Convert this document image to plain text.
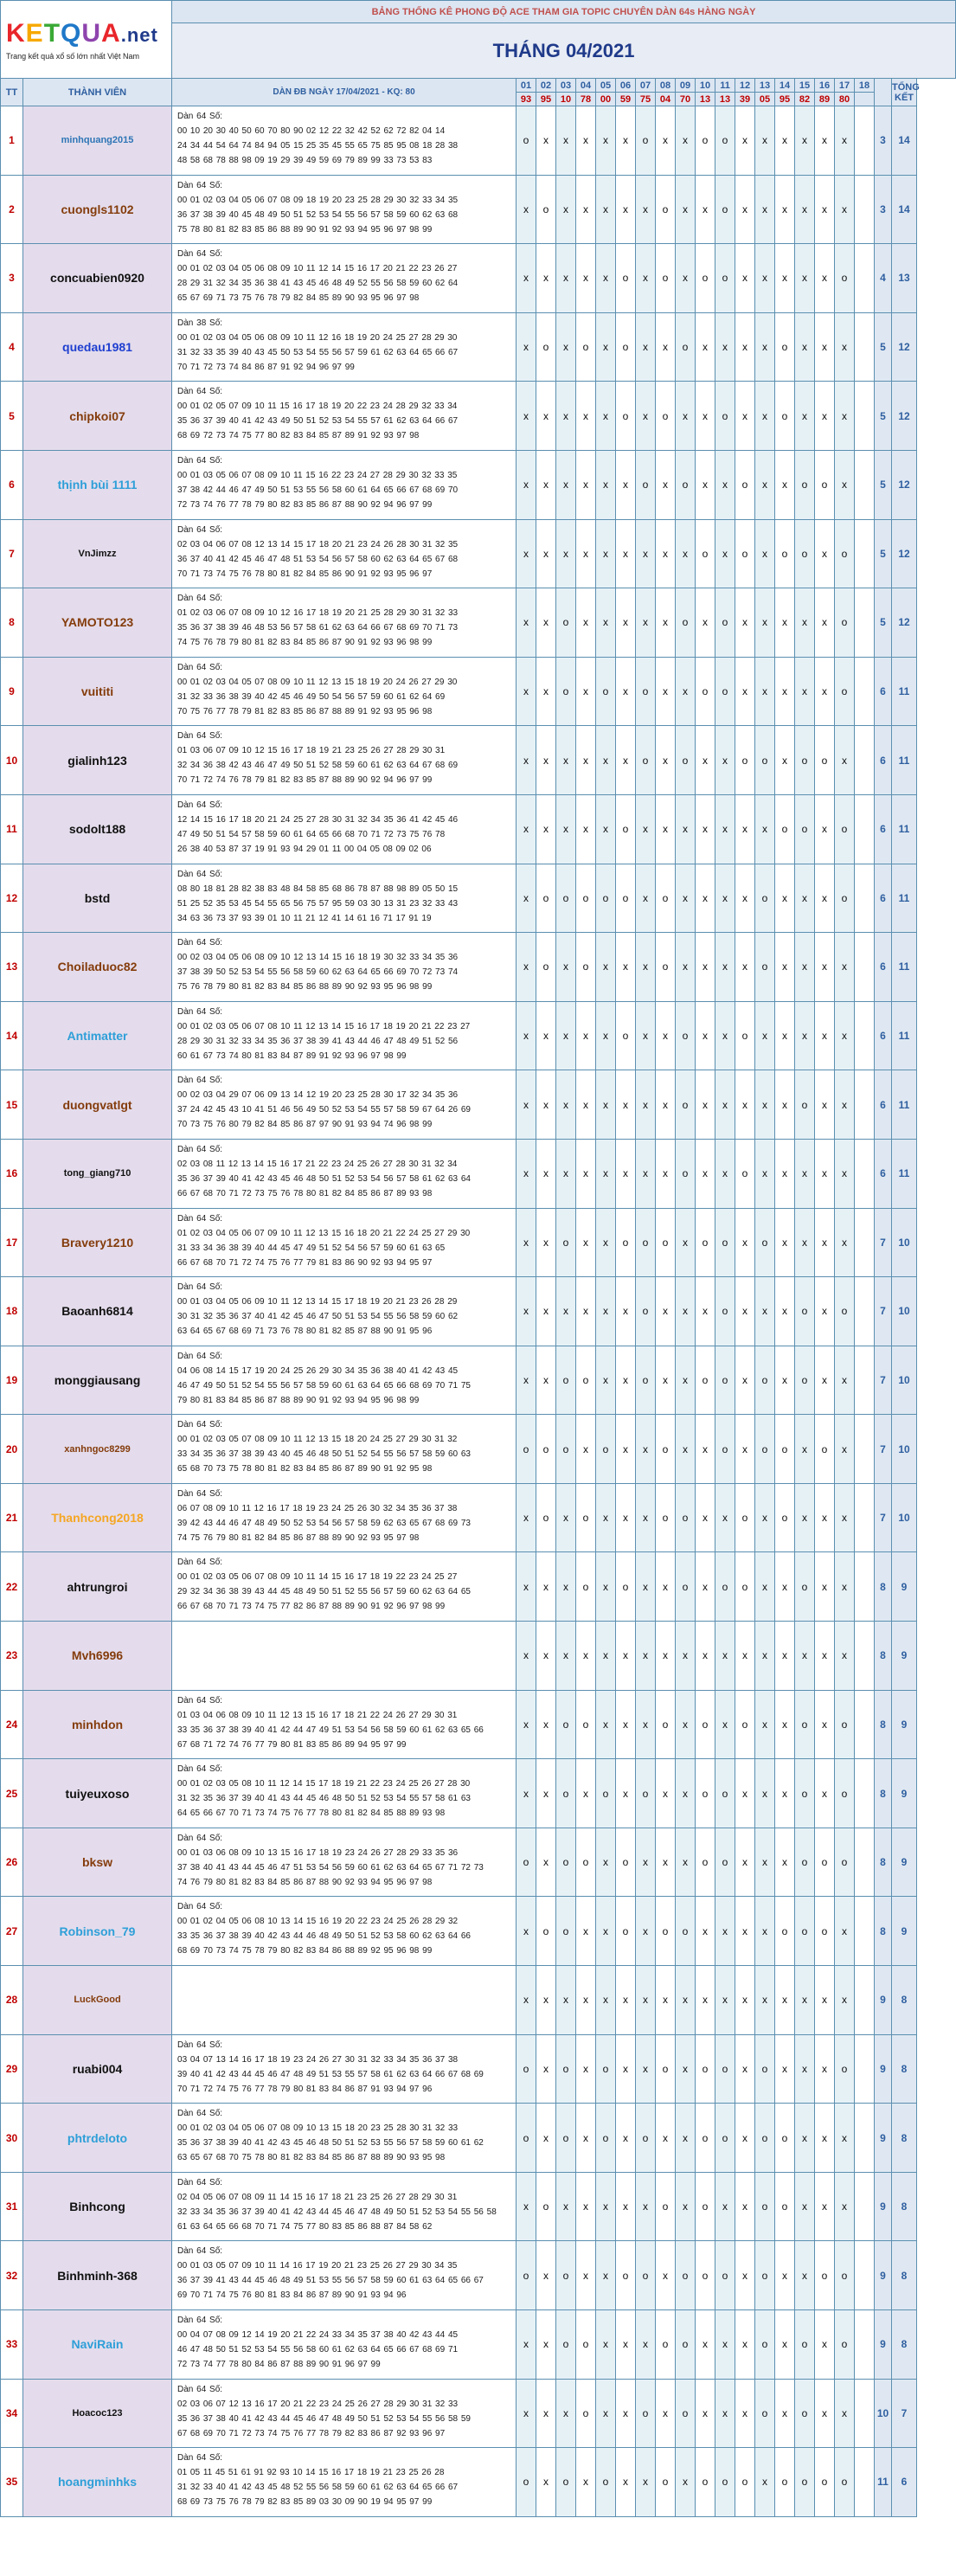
KETQUA.net
Trang kết quả xổ số lớn nhất Việt Nam		BẢNG THỐNG KÊ PHONG ĐỘ ACE THAM GIA TOPIC CHUYÊN DÀN 64s HÀNG NGÀY																				
		THÁNG 04/2021																				
TT	THÀNH VIÊN	DÀN ĐB NGÀY 17/04/2021 - KQ: 80	01	02	03	04	05	06	07	08	09	10	11	12	13	14	15	16	17	18		TỔNG KẾT
			93	95	10	78	00	59	75	04	70	13	13	39	05	95	82	89	80			
1	minhquang2015	Dàn 64 Số:
00 10 20 30 40 50 60 70 80 90 02 12 22 32 42 52 62 72 82 04 14
24 34 44 54 64 74 84 94 05 15 25 35 45 55 65 75 85 95 08 18 28 38
48 58 68 78 88 98 09 19 29 39 49 59 69 79 89 99 33 73 53 83	o	x	x	x	x	x	o	x	x	o	o	x	x	x	x	x	x		3	14
2	cuongls1102	Dàn 64 Số:
00 01 02 03 04 05 06 07 08 09 18 19 20 23 25 28 29 30 32 33 34 35
36 37 38 39 40 45 48 49 50 51 52 53 54 55 56 57 58 59 60 62 63 68
75 78 80 81 82 83 85 86 88 89 90 91 92 93 94 95 96 97 98 99	x	o	x	x	x	x	x	o	x	x	o	x	x	x	x	x	x		3	14
3	concuabien0920	Dàn 64 Số:
00 01 02 03 04 05 06 08 09 10 11 12 14 15 16 17 20 21 22 23 26 27
28 29 31 32 34 35 36 38 41 43 45 46 48 49 52 55 56 58 59 60 62 64
65 67 69 71 73 75 76 78 79 82 84 85 89 90 93 95 96 97 98	x	x	x	x	x	o	x	o	x	o	o	x	x	x	x	x	o		4	13
4	quedau1981	Dàn 38 Số:
00 01 02 03 04 05 06 08 09 10 11 12 16 18 19 20 24 25 27 28 29 30
31 32 33 35 39 40 43 45 50 53 54 55 56 57 59 61 62 63 64 65 66 67
70 71 72 73 74 84 86 87 91 92 94 96 97 99	x	o	x	o	x	o	x	x	o	x	x	x	x	o	x	x	x		5	12
5	chipkoi07	Dàn 64 Số:
00 01 02 05 07 09 10 11 15 16 17 18 19 20 22 23 24 28 29 32 33 34
35 36 37 39 40 41 42 43 49 50 51 52 53 54 55 57 61 62 63 64 66 67
68 69 72 73 74 75 77 80 82 83 84 85 87 89 91 92 93 97 98	x	x	x	x	x	o	x	o	x	x	o	x	x	o	x	x	x		5	12
6	thịnh bùi 1111	Dàn 64 Số:
00 01 03 05 06 07 08 09 10 11 15 16 22 23 24 27 28 29 30 32 33 35
37 38 42 44 46 47 49 50 51 53 55 56 58 60 61 64 65 66 67 68 69 70
72 73 74 76 77 78 79 80 82 83 85 86 87 88 90 92 94 96 97 99	x	x	x	x	x	x	o	x	o	x	x	o	x	x	o	o	x		5	12
7	VnJimzz	Dàn 64 Số:
02 03 04 06 07 08 12 13 14 15 17 18 20 21 23 24 26 28 30 31 32 35
36 37 40 41 42 45 46 47 48 51 53 54 56 57 58 60 62 63 64 65 67 68
70 71 73 74 75 76 78 80 81 82 84 85 86 90 91 92 93 95 96 97	x	x	x	x	x	x	x	x	x	o	x	o	x	o	o	x	o		5	12
8	YAMOTO123	Dàn 64 Số:
01 02 03 06 07 08 09 10 12 16 17 18 19 20 21 25 28 29 30 31 32 33
35 36 37 38 39 46 48 53 56 57 58 61 62 63 64 66 67 68 69 70 71 73
74 75 76 78 79 80 81 82 83 84 85 86 87 90 91 92 93 96 98 99	x	x	o	x	x	x	x	x	o	x	o	x	x	x	x	x	o		5	12
9	vuititi	Dàn 64 Số:
00 01 02 03 04 05 07 08 09 10 11 12 13 15 18 19 20 24 26 27 29 30
31 32 33 36 38 39 40 42 45 46 49 50 54 56 57 59 60 61 62 64 69
70 75 76 77 78 79 81 82 83 85 86 87 88 89 91 92 93 95 96 98	x	x	o	x	o	x	o	x	x	o	o	x	x	x	x	x	o		6	11
10	gialinh123	Dàn 64 Số:
01 03 06 07 09 10 12 15 16 17 18 19 21 23 25 26 27 28 29 30 31
32 34 36 38 42 43 46 47 49 50 51 52 58 59 60 61 62 63 64 67 68 69
70 71 72 74 76 78 79 81 82 83 85 87 88 89 90 92 94 96 97 99	x	x	x	x	x	x	o	x	o	x	x	o	o	x	o	o	x		6	11
11	sodolt188	Dàn 64 Số:
12 14 15 16 17 18 20 21 24 25 27 28 30 31 32 34 35 36 41 42 45 46
47 49 50 51 54 57 58 59 60 61 64 65 66 68 70 71 72 73 75 76 78
26 38 40 53 87 37 19 91 93 94 29 01 11 00 04 05 08 09 02 06	x	x	x	x	x	o	x	x	x	x	x	x	x	o	o	x	o		6	11
12	bstd	Dàn 64 Số:
08 80 18 81 28 82 38 83 48 84 58 85 68 86 78 87 88 98 89 05 50 15
51 25 52 35 53 45 54 55 65 56 75 57 95 59 03 30 13 31 23 32 33 43
34 63 36 73 37 93 39 01 10 11 21 12 41 14 61 16 71 17 91 19	x	o	o	o	o	o	x	o	x	x	x	x	o	x	x	x	o		6	11
13	Choiladuoc82	Dàn 64 Số:
00 02 03 04 05 06 08 09 10 12 13 14 15 16 18 19 30 32 33 34 35 36
37 38 39 50 52 53 54 55 56 58 59 60 62 63 64 65 66 69 70 72 73 74
75 76 78 79 80 81 82 83 84 85 86 88 89 90 92 93 95 96 98 99	x	o	x	o	x	x	x	o	x	x	x	x	o	x	x	x	x		6	11
14	Antimatter	Dàn 64 Số:
00 01 02 03 05 06 07 08 10 11 12 13 14 15 16 17 18 19 20 21 22 23 27
28 29 30 31 32 33 34 35 36 37 38 39 41 43 44 46 47 48 49 51 52 56
60 61 67 73 74 80 81 83 84 87 89 91 92 93 96 97 98 99	x	x	x	x	x	o	x	x	o	x	x	o	x	x	x	x	x		6	11
15	duongvatlgt	Dàn 64 Số:
00 02 03 04 29 07 06 09 13 14 12 19 20 23 25 28 30 17 32 34 35 36
37 24 42 45 43 10 41 51 46 56 49 50 52 53 54 55 57 58 59 67 64 26 69
70 73 75 76 80 79 82 84 85 86 87 97 90 91 93 94 74 96 98 99	x	x	x	x	x	x	x	x	o	x	x	x	x	x	o	x	x		6	11
16	tong_giang710	Dàn 64 Số:
02 03 08 11 12 13 14 15 16 17 21 22 23 24 25 26 27 28 30 31 32 34
35 36 37 39 40 41 42 43 45 46 48 50 51 52 53 54 56 57 58 61 62 63 64
66 67 68 70 71 72 73 75 76 78 80 81 82 84 85 86 87 89 93 98	x	x	x	x	x	x	x	x	o	x	x	o	x	x	x	x	x		6	11
17	Bravery1210	Dàn 64 Số:
01 02 03 04 05 06 07 09 10 11 12 13 15 16 18 20 21 22 24 25 27 29 30
31 33 34 36 38 39 40 44 45 47 49 51 52 54 56 57 59 60 61 63 65
66 67 68 70 71 72 74 75 76 77 79 81 83 86 90 92 93 94 95 97	x	x	o	x	x	o	o	o	x	o	o	x	o	x	x	x	x		7	10
18	Baoanh6814	Dàn 64 Số:
00 01 03 04 05 06 09 10 11 12 13 14 15 17 18 19 20 21 23 26 28 29
30 31 32 35 36 37 40 41 42 45 46 47 50 51 53 54 55 56 58 59 60 62
63 64 65 67 68 69 71 73 76 78 80 81 82 85 87 88 90 91 95 96	x	x	x	x	x	x	o	x	x	x	o	x	x	x	o	x	o		7	10
19	monggiausang	Dàn 64 Số:
04 06 08 14 15 17 19 20 24 25 26 29 30 34 35 36 38 40 41 42 43 45
46 47 49 50 51 52 54 55 56 57 58 59 60 61 63 64 65 66 68 69 70 71 75
79 80 81 83 84 85 86 87 88 89 90 91 92 93 94 95 96 98 99	x	x	o	o	x	x	o	x	x	o	o	x	o	x	o	x	x		7	10
20	xanhngoc8299	Dàn 64 Số:
00 01 02 03 05 07 08 09 10 11 12 13 15 18 20 24 25 27 29 30 31 32
33 34 35 36 37 38 39 43 40 45 46 48 50 51 52 54 55 56 57 58 59 60 63
65 68 70 73 75 78 80 81 82 83 84 85 86 87 89 90 91 92 95 98	o	o	o	x	o	x	x	o	x	x	o	x	o	o	x	o	x		7	10
21	Thanhcong2018	Dàn 64 Số:
06 07 08 09 10 11 12 16 17 18 19 23 24 25 26 30 32 34 35 36 37 38
39 42 43 44 46 47 48 49 50 52 53 54 56 57 58 59 62 63 65 67 68 69 73
74 75 76 79 80 81 82 84 85 86 87 88 89 90 92 93 95 97 98	x	o	x	o	x	x	x	o	o	x	x	o	x	o	x	x	x		7	10
22	ahtrungroi	Dàn 64 Số:
00 01 02 03 05 06 07 08 09 10 11 14 15 16 17 18 19 22 23 24 25 27
29 32 34 36 38 39 43 44 45 48 49 50 51 52 55 56 57 59 60 62 63 64 65
66 67 68 70 71 73 74 75 77 82 86 87 88 89 90 91 92 96 97 98 99	x	x	x	o	x	o	x	x	o	x	o	o	x	x	o	x	x		8	9
23	Mvh6996		x	x	x	x	x	x	x	x	x	x	x	x	x	x	x	x	x		8	9
24	minhdon	Dàn 64 Số:
01 03 04 06 08 09 10 11 12 13 15 16 17 18 21 22 24 26 27 29 30 31
33 35 36 37 38 39 40 41 42 44 47 49 51 53 54 56 58 59 60 61 62 63 65 66
67 68 71 72 74 76 77 79 80 81 83 85 86 89 94 95 97 99	x	x	o	o	x	x	x	o	x	o	x	o	x	x	o	x	o		8	9
25	tuiyeuxoso	Dàn 64 Số:
00 01 02 03 05 08 10 11 12 14 15 17 18 19 21 22 23 24 25 26 27 28 30
31 32 35 36 37 39 40 41 43 44 45 46 48 50 51 52 53 54 55 57 58 61 63
64 65 66 67 70 71 73 74 75 76 77 78 80 81 82 84 85 88 89 93 98	x	x	o	x	o	x	o	x	x	o	o	x	x	x	o	x	o		8	9
26	bksw	Dàn 64 Số:
00 01 03 06 08 09 10 13 15 16 17 18 19 23 24 26 27 28 29 33 35 36
37 38 40 41 43 44 45 46 47 51 53 54 56 59 60 61 62 63 64 65 67 71 72 73
74 76 79 80 81 82 83 84 85 86 87 88 90 92 93 94 95 96 97 98	o	x	o	o	x	o	x	x	x	o	o	x	x	x	o	o	o		8	9
27	Robinson_79	Dàn 64 Số:
00 01 02 04 05 06 08 10 13 14 15 16 19 20 22 23 24 25 26 28 29 32
33 35 36 37 38 39 40 42 43 44 46 48 49 50 51 52 53 58 60 62 63 64 66
68 69 70 73 74 75 78 79 80 82 83 84 86 88 89 92 95 96 98 99	x	o	o	x	x	o	x	o	o	x	x	x	x	o	o	o	x		8	9
28	LuckGood		x	x	x	x	x	x	x	x	x	x	x	x	x	x	x	x	x		9	8
29	ruabi004	Dàn 64 Số:
03 04 07 13 14 16 17 18 19 23 24 26 27 30 31 32 33 34 35 36 37 38
39 40 41 42 43 44 45 46 47 48 49 51 53 55 57 58 61 62 63 64 66 67 68 69
70 71 72 74 75 76 77 78 79 80 81 83 84 86 87 91 93 94 97 96	o	x	o	x	o	x	x	o	x	o	o	x	o	x	x	x	o		9	8
30	phtrdeloto	Dàn 64 Số:
00 01 02 03 04 05 06 07 08 09 10 13 15 18 20 23 25 28 30 31 32 33
35 36 37 38 39 40 41 42 43 45 46 48 50 51 52 53 55 56 57 58 59 60 61 62
63 65 67 68 70 75 78 80 81 82 83 84 85 86 87 88 89 90 93 95 98	o	x	o	x	o	x	o	x	x	o	o	x	o	o	x	x	x		9	8
31	Binhcong	Dàn 64 Số:
02 04 05 06 07 08 09 11 14 15 16 17 18 21 23 25 26 27 28 29 30 31
32 33 34 35 36 37 39 40 41 42 43 44 45 46 47 48 49 50 51 52 53 54 55 56 58
61 63 64 65 66 68 70 71 74 75 77 80 83 85 86 88 87 84 58 62	x	o	x	x	x	x	x	o	x	o	x	x	o	o	x	x	x		9	8
32	Binhminh-368	Dàn 64 Số:
00 01 03 05 07 09 10 11 14 16 17 19 20 21 23 25 26 27 29 30 34 35
36 37 39 41 43 44 45 46 48 49 51 53 55 56 57 58 59 60 61 63 64 65 66 67
69 70 71 74 75 76 80 81 83 84 86 87 89 90 91 93 94 96	o	x	o	x	x	o	o	x	o	o	o	x	o	x	x	o	o		9	8
33	NaviRain	Dàn 64 Số:
00 04 07 08 09 12 14 19 20 21 22 24 33 34 35 37 38 40 42 43 44 45
46 47 48 50 51 52 53 54 55 56 58 60 61 62 63 64 65 66 67 68 69 71
72 73 74 77 78 80 84 86 87 88 89 90 91 96 97 99	x	x	o	o	x	x	x	o	o	x	x	x	o	x	o	x	o		9	8
34	Hoacoc123	Dàn 64 Số:
02 03 06 07 12 13 16 17 20 21 22 23 24 25 26 27 28 29 30 31 32 33
35 36 37 38 40 41 42 43 44 45 46 47 48 49 50 51 52 53 54 55 56 58 59
67 68 69 70 71 72 73 74 75 76 77 78 79 82 83 86 87 92 93 96 97	x	x	x	o	x	x	o	x	o	x	x	x	o	x	o	x	x		10	7
35	hoangminhks	Dàn 64 Số:
01 05 11 45 51 61 91 92 93 10 14 15 16 17 18 19 21 23 25 26 28
31 32 33 40 41 42 43 45 48 52 55 56 58 59 60 61 62 63 64 65 66 67
68 69 73 75 76 78 79 82 83 85 89 03 30 09 90 19 94 95 97 99	o	x	o	x	o	x	x	o	x	o	o	o	x	o	o	o	o		11	6
